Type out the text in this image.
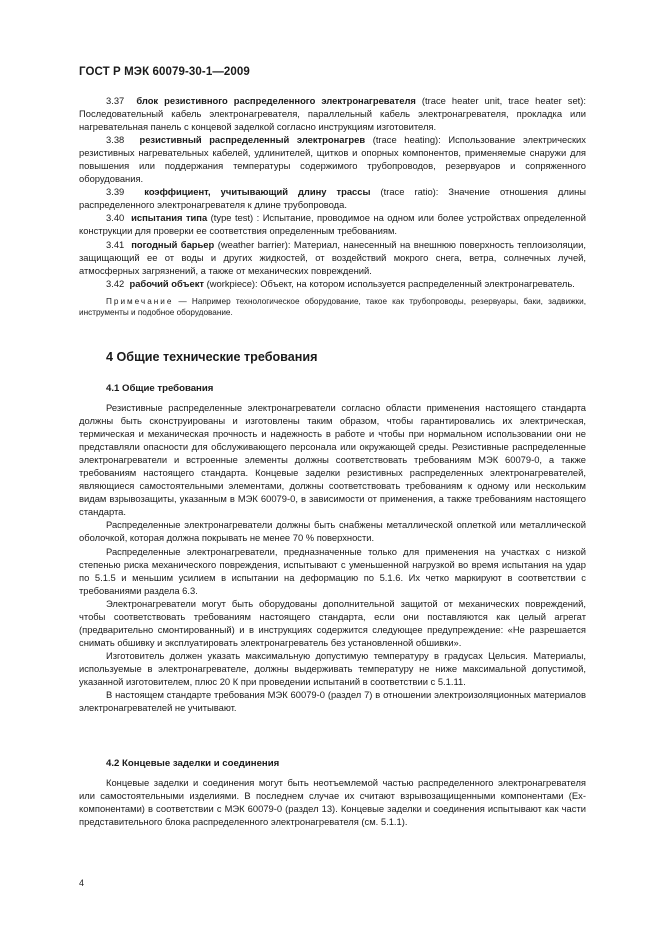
ГОСТ Р МЭК 60079-30-1—2009

3.37 блок резистивного распределенного электронагревателя (trace heater unit, trace heater set): Последовательный кабель электронагревателя, параллельный кабель электронагревателя, прокладка или нагревательная панель с концевой заделкой согласно инструкциям изготовителя.

3.38 резистивный распределенный электронагрев (trace heating): Использование электрических резистивных нагревательных кабелей, удлинителей, щитков и опорных компонентов, применяемые снаружи для повышения или поддержания температуры содержимого трубопроводов, резервуаров и сопряженного оборудования.

3.39 коэффициент, учитывающий длину трассы (trace ratio): Значение отношения длины распределенного электронагревателя к длине трубопровода.

3.40 испытания типа (type test) : Испытание, проводимое на одном или более устройствах определенной конструкции для проверки ее соответствия определенным требованиям.

3.41 погодный барьер (weather barrier): Материал, нанесенный на внешнюю поверхность теплоизоляции, защищающий ее от воды и других жидкостей, от воздействий мокрого снега, ветра, солнечных лучей, атмосферных загрязнений, а также от механических повреждений.

3.42 рабочий объект (workpiece): Объект, на котором используется распределенный электронагреватель.

Примечание — Например технологическое оборудование, такое как трубопроводы, резервуары, баки, задвижки, инструменты и подобное оборудование.

4 Общие технические требования

4.1 Общие требования

Резистивные распределенные электронагреватели согласно области применения настоящего стандарта должны быть сконструированы и изготовлены таким образом, чтобы гарантировались их электрическая, термическая и механическая прочность и надежность в работе и чтобы при нормальном использовании они не представляли опасности для обслуживающего персонала или окружающей среды. Резистивные распределенные электронагреватели и встроенные элементы должны соответствовать требованиям МЭК 60079-0, а также требованиям настоящего стандарта. Концевые заделки резистивных распределенных электронагревателей, являющиеся самостоятельными элементами, должны соответствовать требованиям к одному или нескольким видам взрывозащиты, указанным в МЭК 60079-0, в зависимости от применения, а также требованиям настоящего стандарта.

Распределенные электронагреватели должны быть снабжены металлической оплеткой или металлической оболочкой, которая должна покрывать не менее 70 % поверхности.

Распределенные электронагреватели, предназначенные только для применения на участках с низкой степенью риска механического повреждения, испытывают с уменьшенной нагрузкой во время испытания на удар по 5.1.5 и меньшим усилием в испытании на деформацию по 5.1.6. Их четко маркируют в соответствии с требованиями раздела 6.3.

Электронагреватели могут быть оборудованы дополнительной защитой от механических повреждений, чтобы соответствовать требованиям настоящего стандарта, если они поставляются как целый агрегат (предварительно смонтированный) и в инструкциях содержится следующее предупреждение: «Не разрешается снимать обшивку и эксплуатировать электронагреватель без установленной обшивки».

Изготовитель должен указать максимальную допустимую температуру в градусах Цельсия. Материалы, используемые в электронагревателе, должны выдерживать температуру не ниже максимальной допустимой, указанной изготовителем, плюс 20 К при проведении испытаний в соответствии с 5.1.11.

В настоящем стандарте требования МЭК 60079-0 (раздел 7) в отношении электроизоляционных материалов электронагревателей не учитывают.

4.2 Концевые заделки и соединения

Концевые заделки и соединения могут быть неотъемлемой частью распределенного электронагревателя или самостоятельными изделиями. В последнем случае их считают взрывозащищенными компонентами (Ex-компонентами) в соответствии с МЭК 60079-0 (раздел 13). Концевые заделки и соединения испытывают как части представительного блока распределенного электронагревателя (см. 5.1.1).

4
